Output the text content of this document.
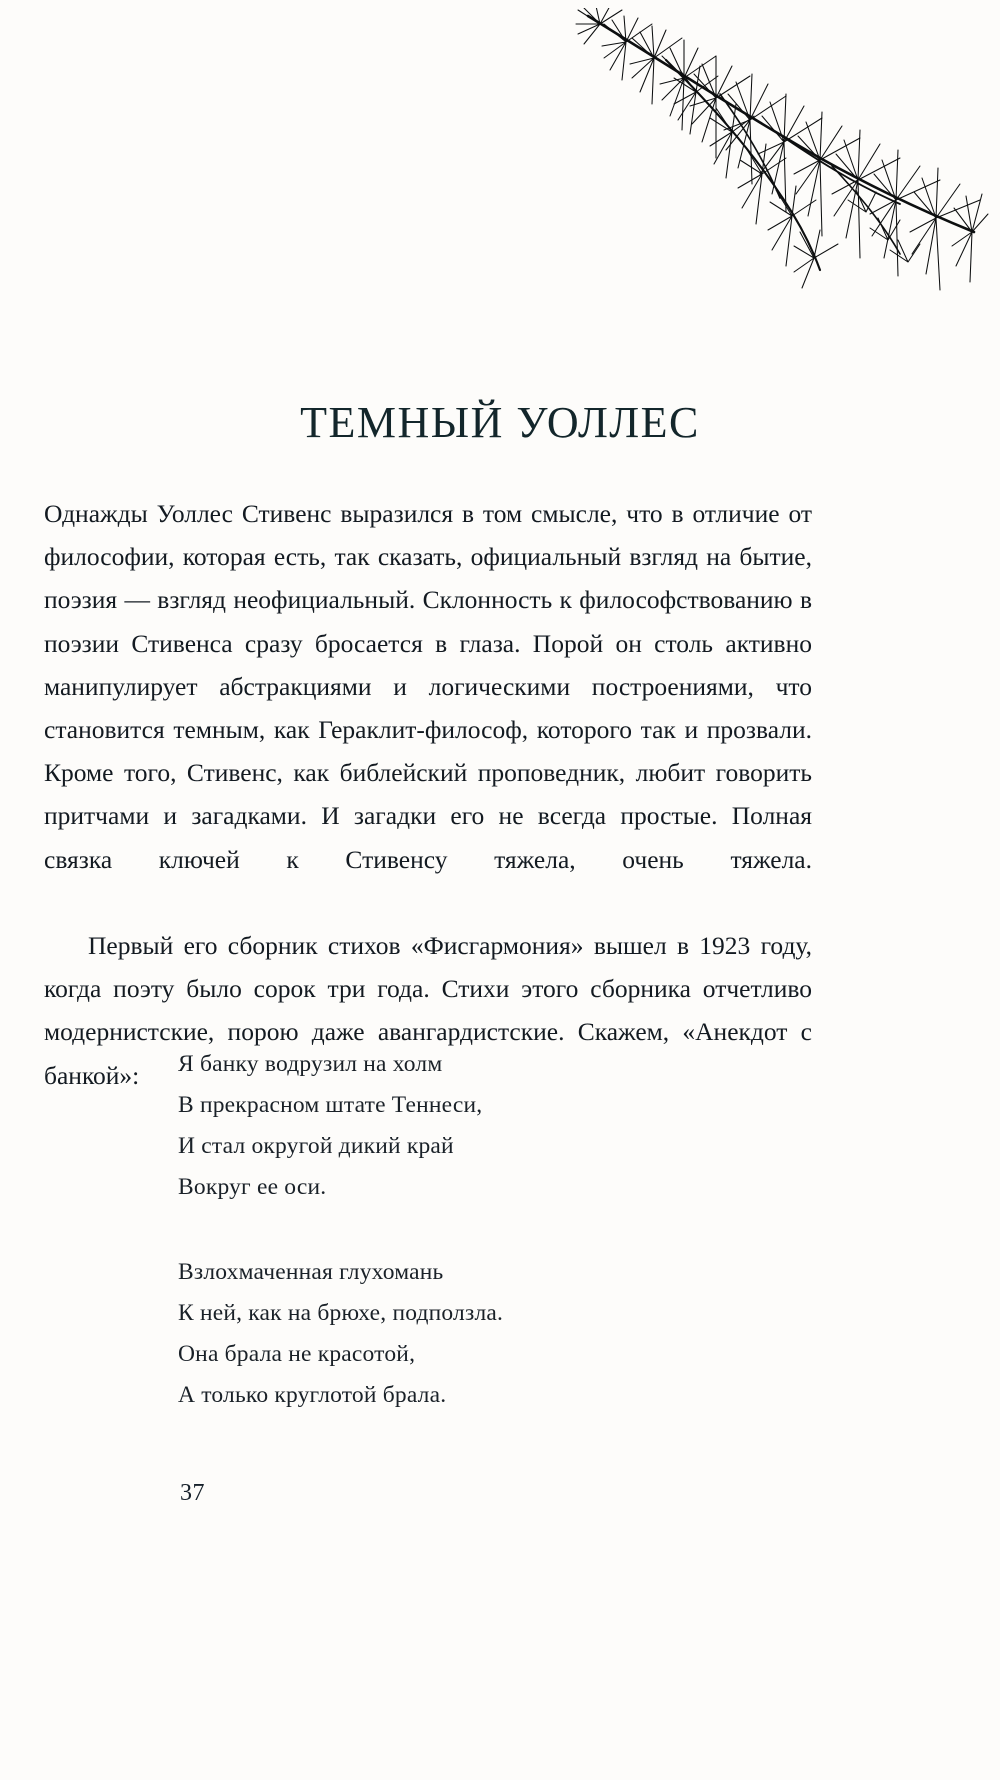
ТЕМНЫЙ УОЛЛЕС

Однажды Уоллес Стивенс выразился в том смысле, что в отличие от философии, которая есть, так сказать, официальный взгляд на бытие, поэзия — взгляд неофициальный. Склонность к философствованию в поэзии Стивенса сразу бросается в глаза. Порой он столь активно манипулирует абстракциями и логическими построениями, что становится темным, как Гераклит-философ, которого так и прозвали. Кроме того, Стивенс, как библейский проповедник, любит говорить притчами и загадками. И загадки его не всегда простые. Полная связка ключей к Стивенсу тяжела, очень тяжела.

Первый его сборник стихов «Фисгармония» вышел в 1923 году, когда поэту было сорок три года. Стихи этого сборника отчетливо модернистские, порою даже авангардистские. Скажем, «Анекдот с банкой»:	Я банку водрузил на холм
В прекрасном штате Теннеси,
И стал округой дикий край
Вокруг ее оси.
Взлохмаченная глухомань
К ней, как на брюхе, подползла.
Она брала не красотой,
А только круглотой брала.
37
